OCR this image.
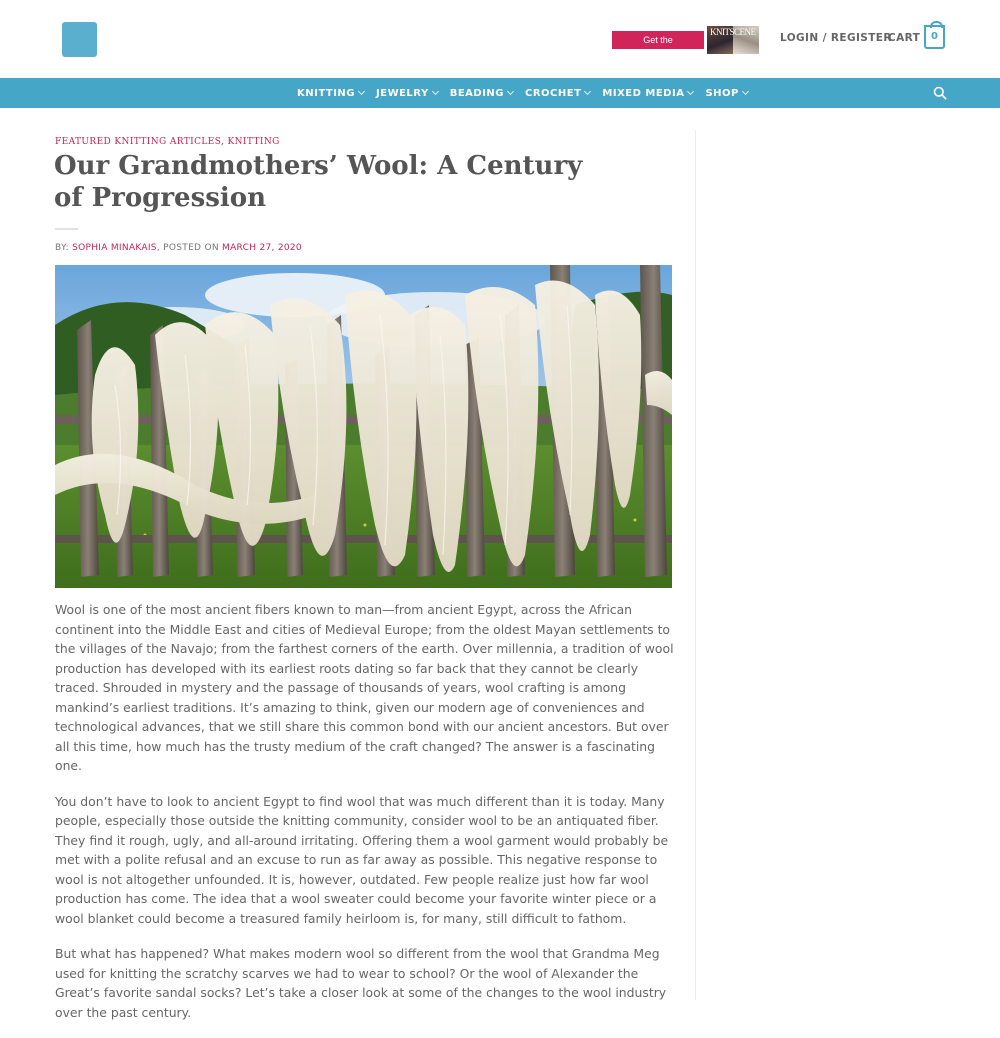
Get the Magazines
KNITSCENE LOGIN / REGISTER
CART	0
KNITTING JEWELRY BEADING CROCHET MIXED MEDIA SHOP
FEATURED KNITTING ARTICLES, KNITTING
Our Grandmothers’ Wool: A Century of Progression
BY: SOPHIA MINAKAIS, POSTED ON MARCH 27, 2020

Wool is one of the most ancient fibers known to man—from ancient Egypt, across the African continent into the Middle East and cities of Medieval Europe; from the oldest Mayan settlements to the villages of the Navajo; from the farthest corners of the earth. Over millennia, a tradition of wool production has developed with its earliest roots dating so far back that they cannot be clearly traced. Shrouded in mystery and the passage of thousands of years, wool crafting is among mankind’s earliest traditions. It’s amazing to think, given our modern age of conveniences and technological advances, that we still share this common bond with our ancient ancestors. But over all this time, how much has the trusty medium of the craft changed? The answer is a fascinating one.

You don’t have to look to ancient Egypt to find wool that was much different than it is today. Many people, especially those outside the knitting community, consider wool to be an antiquated fiber. They find it rough, ugly, and all-around irritating. Offering them a wool garment would probably be met with a polite refusal and an excuse to run as far away as possible. This negative response to wool is not altogether unfounded. It is, however, outdated. Few people realize just how far wool production has come. The idea that a wool sweater could become your favorite winter piece or a wool blanket could become a treasured family heirloom is, for many, still difficult to fathom.

But what has happened? What makes modern wool so different from the wool that Grandma Meg used for knitting the scratchy scarves we had to wear to school? Or the wool of Alexander the Great’s favorite sandal socks? Let’s take a closer look at some of the changes to the wool industry over the past century.
